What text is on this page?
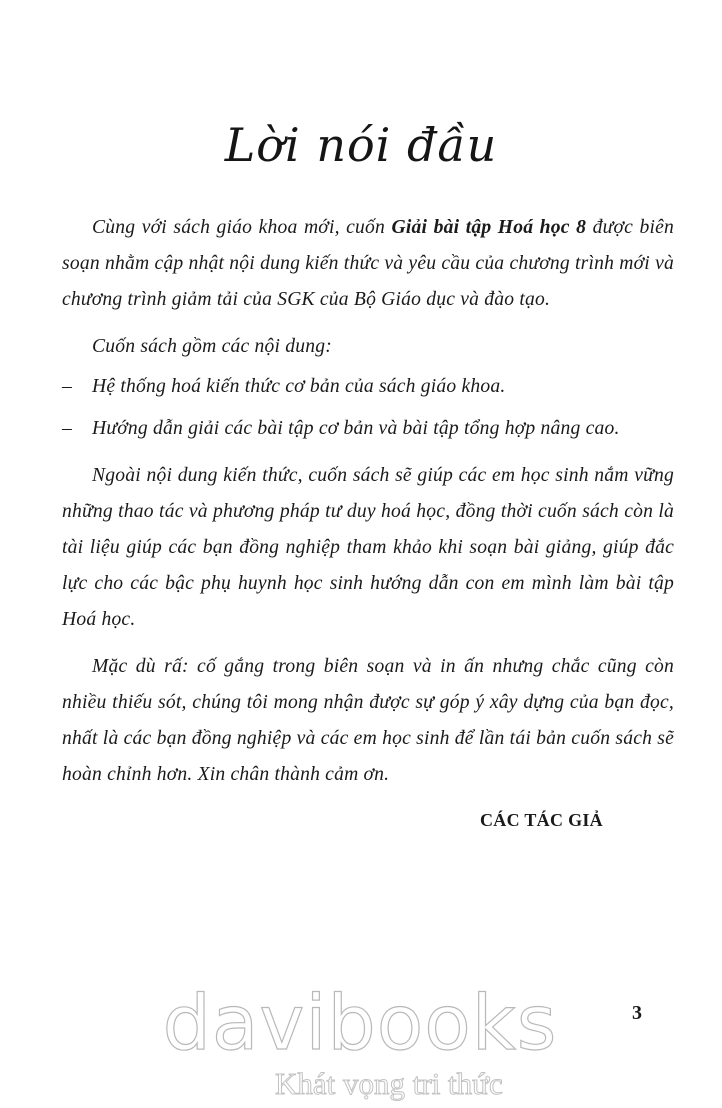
Lời nói đầu

Cùng với sách giáo khoa mới, cuốn Giải bài tập Hoá học 8 được biên soạn nhằm cập nhật nội dung kiến thức và yêu cầu của chương trình mới và chương trình giảm tải của SGK của Bộ Giáo dục và đào tạo.

Cuốn sách gồm các nội dung:

–	Hệ thống hoá kiến thức cơ bản của sách giáo khoa.
–	Hướng dẫn giải các bài tập cơ bản và bài tập tổng hợp nâng cao.

Ngoài nội dung kiến thức, cuốn sách sẽ giúp các em học sinh nắm vững những thao tác và phương pháp tư duy hoá học, đồng thời cuốn sách còn là tài liệu giúp các bạn đồng nghiệp tham khảo khi soạn bài giảng, giúp đắc lực cho các bậc phụ huynh học sinh hướng dẫn con em mình làm bài tập Hoá học.

Mặc dù rấ: cố gắng trong biên soạn và in ấn nhưng chắc cũng còn nhiều thiếu sót, chúng tôi mong nhận được sự góp ý xây dựng của bạn đọc, nhất là các bạn đồng nghiệp và các em học sinh để lần tái bản cuốn sách sẽ hoàn chỉnh hơn. Xin chân thành cảm ơn.

CÁC TÁC GIẢ
3
davibooks
Khát vọng tri thức
